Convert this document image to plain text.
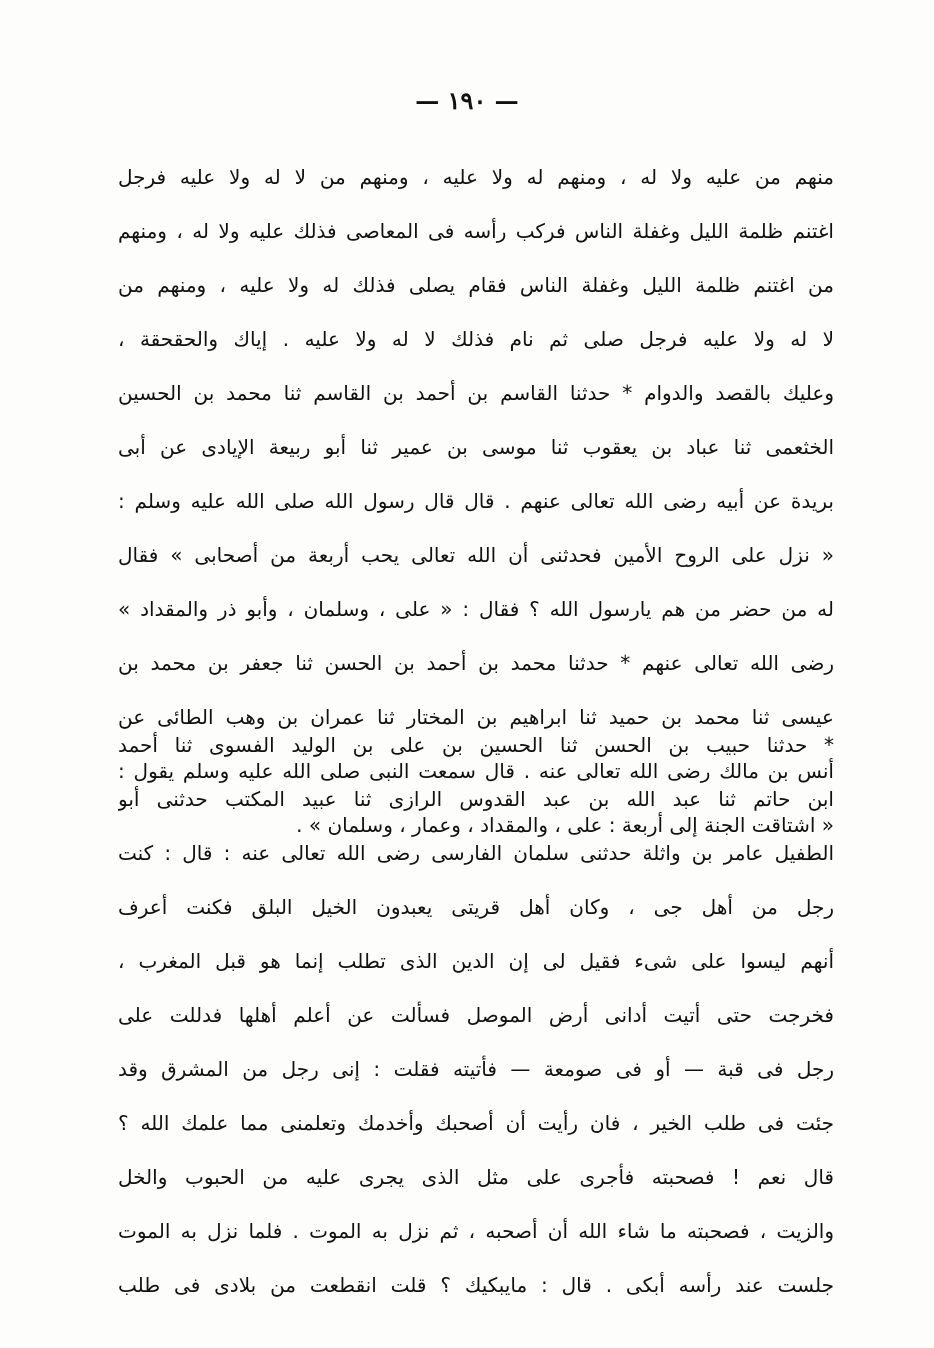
— ١٩٠ —
منهم من عليه ولا له ، ومنهم له ولا عليه ، ومنهم من لا له ولا عليه فرجل
اغتنم ظلمة الليل وغفلة الناس فركب رأسه فى المعاصى فذلك عليه ولا له ، ومنهم
من اغتنم ظلمة الليل وغفلة الناس فقام يصلى فذلك له ولا عليه ، ومنهم من
لا له ولا عليه فرجل صلى ثم نام فذلك لا له ولا عليه . إياك والحقحقة ،
وعليك بالقصد والدوام * حدثنا القاسم بن أحمد بن القاسم ثنا محمد بن الحسين
الخثعمى ثنا عباد بن يعقوب ثنا موسى بن عمير ثنا أبو ربيعة الإيادى عن أبى
بريدة عن أبيه رضى الله تعالى عنهم . قال قال رسول الله صلى الله عليه وسلم :
« نزل على الروح الأمين فحدثنى أن الله تعالى يحب أربعة من أصحابى » فقال
له من حضر من هم يارسول الله ؟ فقال : « على ، وسلمان ، وأبو ذر والمقداد »
رضى الله تعالى عنهم * حدثنا محمد بن أحمد بن الحسن ثنا جعفر بن محمد بن
عيسى ثنا محمد بن حميد ثنا ابراهيم بن المختار ثنا عمران بن وهب الطائى عن
أنس بن مالك رضى الله تعالى عنه . قال سمعت النبى صلى الله عليه وسلم يقول :
« اشتاقت الجنة إلى أربعة : على ، والمقداد ، وعمار ، وسلمان » .
* حدثنا حبيب بن الحسن ثنا الحسين بن على بن الوليد الفسوى ثنا أحمد
ابن حاتم ثنا عبد الله بن عبد القدوس الرازى ثنا عبيد المكتب حدثنى أبو
الطفيل عامر بن واثلة حدثنى سلمان الفارسى رضى الله تعالى عنه : قال : كنت
رجل من أهل جى ، وكان أهل قريتى يعبدون الخيل البلق فكنت أعرف
أنهم ليسوا على شىء فقيل لى إن الدين الذى تطلب إنما هو قبل المغرب ،
فخرجت حتى أتيت أدانى أرض الموصل فسألت عن أعلم أهلها فدللت على
رجل فى قبة — أو فى صومعة — فأتيته فقلت : إنى رجل من المشرق وقد
جئت فى طلب الخير ، فان رأيت أن أصحبك وأخدمك وتعلمنى مما علمك الله ؟
قال نعم ! فصحبته فأجرى على مثل الذى يجرى عليه من الحبوب والخل
والزيت ، فصحبته ما شاء الله أن أصحبه ، ثم نزل به الموت . فلما نزل به الموت
جلست عند رأسه أبكى . قال : مايبكيك ؟ قلت انقطعت من بلادى فى طلب
